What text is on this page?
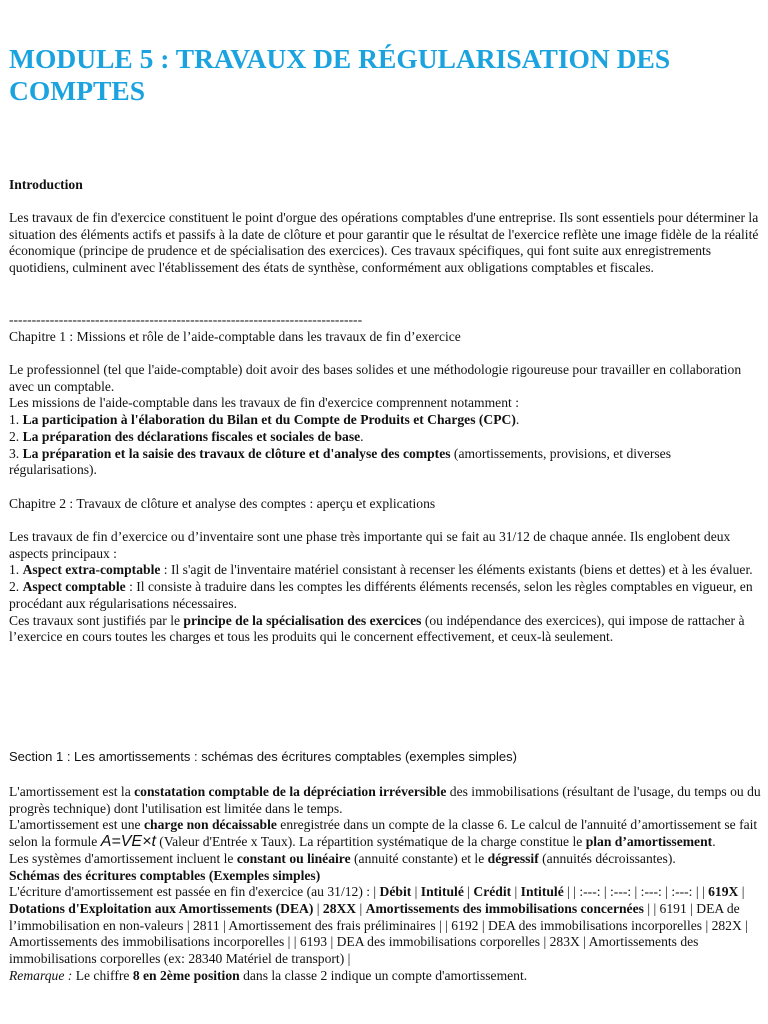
MODULE 5 : TRAVAUX DE RÉGULARISATION DES COMPTES

Introduction

Les travaux de fin d'exercice constituent le point d'orgue des opérations comptables d'une entreprise. Ils sont essentiels pour déterminer la situation des éléments actifs et passifs à la date de clôture et pour garantir que le résultat de l'exercice reflète une image fidèle de la réalité économique (principe de prudence et de spécialisation des exercices). Ces travaux spécifiques, qui font suite aux enregistrements quotidiens, culminent avec l'établissement des états de synthèse, conformément aux obligations comptables et fiscales.

------------------------------------------------------------------------------

Chapitre 1 : Missions et rôle de l’aide-comptable dans les travaux de fin d’exercice

Le professionnel (tel que l'aide-comptable) doit avoir des bases solides et une méthodologie rigoureuse pour travailler en collaboration avec un comptable.
Les missions de l'aide-comptable dans les travaux de fin d'exercice comprennent notamment :
1. La participation à l'élaboration du Bilan et du Compte de Produits et Charges (CPC).
2. La préparation des déclarations fiscales et sociales de base.
3. La préparation et la saisie des travaux de clôture et d'analyse des comptes (amortissements, provisions, et diverses régularisations).

Chapitre 2 : Travaux de clôture et analyse des comptes : aperçu et explications

Les travaux de fin d’exercice ou d’inventaire sont une phase très importante qui se fait au 31/12 de chaque année. Ils englobent deux aspects principaux :
1. Aspect extra-comptable : Il s'agit de l'inventaire matériel consistant à recenser les éléments existants (biens et dettes) et à les évaluer.
2. Aspect comptable : Il consiste à traduire dans les comptes les différents éléments recensés, selon les règles comptables en vigueur, en procédant aux régularisations nécessaires.
Ces travaux sont justifiés par le principe de la spécialisation des exercices (ou indépendance des exercices), qui impose de rattacher à l’exercice en cours toutes les charges et tous les produits qui le concernent effectivement, et ceux-là seulement.

Section 1 : Les amortissements : schémas des écritures comptables (exemples simples)

L'amortissement est la constatation comptable de la dépréciation irréversible des immobilisations (résultant de l'usage, du temps ou du progrès technique) dont l'utilisation est limitée dans le temps.
L'amortissement est une charge non décaissable enregistrée dans un compte de la classe 6. Le calcul de l'annuité d’amortissement se fait selon la formule A=VE×t (Valeur d'Entrée x Taux). La répartition systématique de la charge constitue le plan d’amortissement.
Les systèmes d'amortissement incluent le constant ou linéaire (annuité constante) et le dégressif (annuités décroissantes).
Schémas des écritures comptables (Exemples simples)
L'écriture d'amortissement est passée en fin d'exercice (au 31/12) : | Débit | Intitulé | Crédit | Intitulé | | :---: | :---: | :---: | :---: | | 619X | Dotations d'Exploitation aux Amortissements (DEA) | 28XX | Amortissements des immobilisations concernées | | 6191 | DEA de l’immobilisation en non-valeurs | 2811 | Amortissement des frais préliminaires | | 6192 | DEA des immobilisations incorporelles | 282X | Amortissements des immobilisations incorporelles | | 6193 | DEA des immobilisations corporelles | 283X | Amortissements des immobilisations corporelles (ex: 28340 Matériel de transport) |
Remarque : Le chiffre 8 en 2ème position dans la classe 2 indique un compte d'amortissement.
